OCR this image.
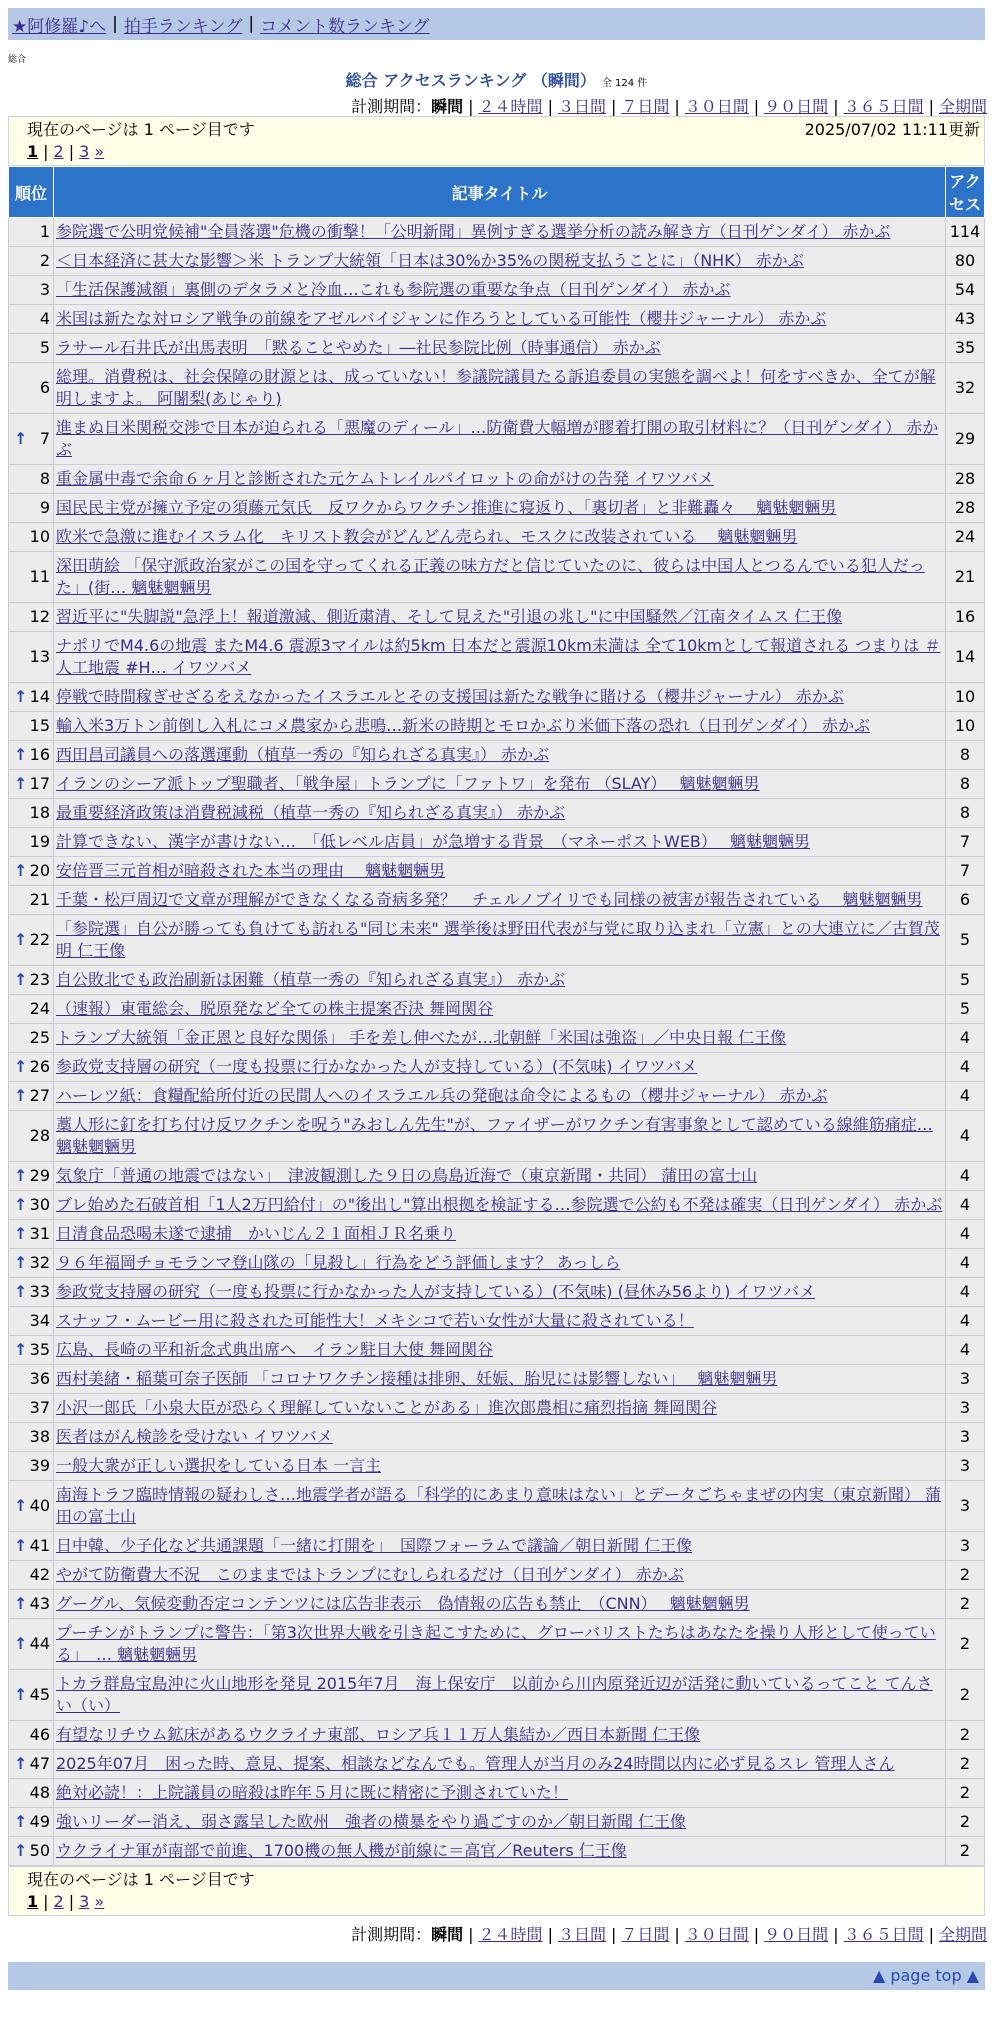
★阿修羅♪へ | 拍手ランキング | コメント数ランキング
総合
総合 アクセスランキング （瞬間） 全 124 件
計測期間：瞬間 | ２４時間 | ３日間 | ７日間 | ３０日間 | ９０日間 | ３６５日間 | 全期間
現在のページは 1 ページ目です	2025/07/02 11:11更新
1 | 2 | 3 »
順位	記事タイトル	アクセス
1	参院選で公明党候補"全員落選"危機の衝撃！「公明新聞」異例すぎる選挙分析の読み解き方（日刊ゲンダイ） 赤かぶ	114
2	＜日本経済に甚大な影響＞米 トランプ大統領「日本は30%か35%の関税支払うことに」（NHK） 赤かぶ	80
3	「生活保護減額」裏側のデタラメと冷血…これも参院選の重要な争点（日刊ゲンダイ） 赤かぶ	54
4	米国は新たな対ロシア戦争の前線をアゼルバイジャンに作ろうとしている可能性（櫻井ジャーナル） 赤かぶ	43
5	ラサール石井氏が出馬表明　「黙ることやめた」―社民参院比例（時事通信） 赤かぶ	35
6	総理。消費税は、社会保障の財源とは、成っていない！参議院議員たる訴追委員の実態を調べよ！何をすべきか、全てが解明しますよ。 阿闍梨(あじゃり)	32

↑ 7	進まぬ日米関税交渉で日本が迫られる「悪魔のディール」…防衛費大幅増が膠着打開の取引材料に？（日刊ゲンダイ） 赤かぶ	29
8	重金属中毒で余命６ヶ月と診断された元ケムトレイルパイロットの命がけの告発 イワツバメ	28
9	国民民主党が擁立予定の須藤元気氏　反ワクからワクチン推進に寝返り、「裏切者」と非難轟々　 魑魅魍魎男	28
10	欧米で急激に進むイスラム化　キリスト教会がどんどん売られ、モスクに改装されている　 魑魅魍魎男	24
11	深田萌絵 「保守派政治家がこの国を守ってくれる正義の味方だと信じていたのに、彼らは中国人とつるんでいる犯人だった」(街… 魑魅魍魎男	21
12	習近平に"失脚説"急浮上！報道激減、側近粛清、そして見えた"引退の兆し"に中国騒然／江南タイムス 仁王像	16
13	ナポリでM4.6の地震 またM4.6 震源3マイルは約5km 日本だと震源10km未満は 全て10kmとして報道される つまりは ＃人工地震 #H… イワツバメ	14

↑ 14	停戦で時間稼ぎせざるをえなかったイスラエルとその支援国は新たな戦争に賭ける（櫻井ジャーナル） 赤かぶ	10
15	輸入米3万トン前倒し入札にコメ農家から悲鳴…新米の時期とモロかぶり米価下落の恐れ（日刊ゲンダイ） 赤かぶ	10

↑ 16	西田昌司議員への落選運動（植草一秀の『知られざる真実』） 赤かぶ	8

↑ 17	イランのシーア派トップ聖職者、「戦争屋」トランプに「ファトワ」を発布 （SLAY）　 魑魅魍魎男	8
18	最重要経済政策は消費税減税（植草一秀の『知られざる真実』） 赤かぶ	8
19	計算できない、漢字が書けない…　「低レベル店員」が急増する背景　（マネーポストWEB）　 魑魅魍魎男	7

↑ 20	安倍晋三元首相が暗殺された本当の理由　 魑魅魍魎男	7
21	千葉・松戸周辺で文章が理解ができなくなる奇病多発？　チェルノブイリでも同様の被害が報告されている　 魑魅魍魎男	6

↑ 22	「参院選」自公が勝っても負けても訪れる"同じ未来" 選挙後は野田代表が与党に取り込まれ「立憲」との大連立に／古賀茂明 仁王像	5

↑ 23	自公敗北でも政治刷新は困難（植草一秀の『知られざる真実』） 赤かぶ	5
24	（速報）東電総会、脱原発など全ての株主提案否決 舞岡関谷	5
25	トランプ大統領「金正恩と良好な関係」 手を差し伸べたが…北朝鮮「米国は強盗」／中央日報 仁王像	4

↑ 26	参政党支持層の研究（一度も投票に行かなかった人が支持している）(不気味) イワツバメ	4

↑ 27	ハーレツ紙：食糧配給所付近の民間人へのイスラエル兵の発砲は命令によるもの（櫻井ジャーナル） 赤かぶ	4
28	藁人形に釘を打ち付け反ワクチンを呪う"みおしん先生"が、ファイザーがワクチン有害事象として認めている線維筋痛症… 魑魅魍魎男	4

↑ 29	気象庁「普通の地震ではない」　津波観測した９日の鳥島近海で（東京新聞・共同） 蒲田の富士山	4

↑ 30	ブレ始めた石破首相「1人2万円給付」の"後出し"算出根拠を検証する…参院選で公約も不発は確実（日刊ゲンダイ） 赤かぶ	4

↑ 31	日清食品恐喝未遂で逮捕　かいじん２１面相ＪＲ名乗り	4

↑ 32	９６年福岡チョモランマ登山隊の「見殺し」行為をどう評価します？ あっしら	4

↑ 33	参政党支持層の研究（一度も投票に行かなかった人が支持している）(不気味) (昼休み56より) イワツバメ	4
34	スナッフ・ムービー用に殺された可能性大！メキシコで若い女性が大量に殺されている！	4

↑ 35	広島、長崎の平和祈念式典出席へ　イラン駐日大使 舞岡関谷	4
36	西村美緒・稲葉可奈子医師 「コロナワクチン接種は排卵、妊娠、胎児には影響しない」　 魑魅魍魎男	3
37	小沢一郎氏「小泉大臣が恐らく理解していないことがある」進次郎農相に痛烈指摘 舞岡関谷	3
38	医者はがん検診を受けない イワツバメ	3
39	一般大衆が正しい選択をしている日本 一言主	3

↑ 40	南海トラフ臨時情報の疑わしさ…地震学者が語る「科学的にあまり意味はない」とデータごちゃまぜの内実（東京新聞） 蒲田の富士山	3

↑ 41	日中韓、少子化など共通課題「一緒に打開を」　国際フォーラムで議論／朝日新聞 仁王像	3
42	やがて防衛費大不況　このままではトランプにむしられるだけ（日刊ゲンダイ） 赤かぶ	2

↑ 43	グーグル、気候変動否定コンテンツには広告非表示　偽情報の広告も禁止　（CNN）　 魑魅魍魎男	2

↑ 44	プーチンがトランプに警告：「第3次世界大戦を引き起こすために、グローバリストたちはあなたを操り人形として使っている」　… 魑魅魍魎男	2

↑ 45	トカラ群島宝島沖に火山地形を発見 2015年7月　海上保安庁　以前から川内原発近辺が活発に動いているってこと てんさい（い）	2
46	有望なリチウム鉱床があるウクライナ東部、ロシア兵１１万人集結か／西日本新聞 仁王像	2

↑ 47	2025年07月　困った時、意見、提案、相談などなんでも。管理人が当月のみ24時間以内に必ず見るスレ 管理人さん	2
48	絶対必読！：上院議員の暗殺は昨年５月に既に精密に予測されていた！	2

↑ 49	強いリーダー消え、弱さ露呈した欧州　強者の横暴をやり過ごすのか／朝日新聞 仁王像	2

↑ 50	ウクライナ軍が南部で前進、1700機の無人機が前線に＝高官／Reuters 仁王像	2
現在のページは 1 ページ目です
1 | 2 | 3 »
計測期間：瞬間 | ２４時間 | ３日間 | ７日間 | ３０日間 | ９０日間 | ３６５日間 | 全期間
▲ page top ▲
